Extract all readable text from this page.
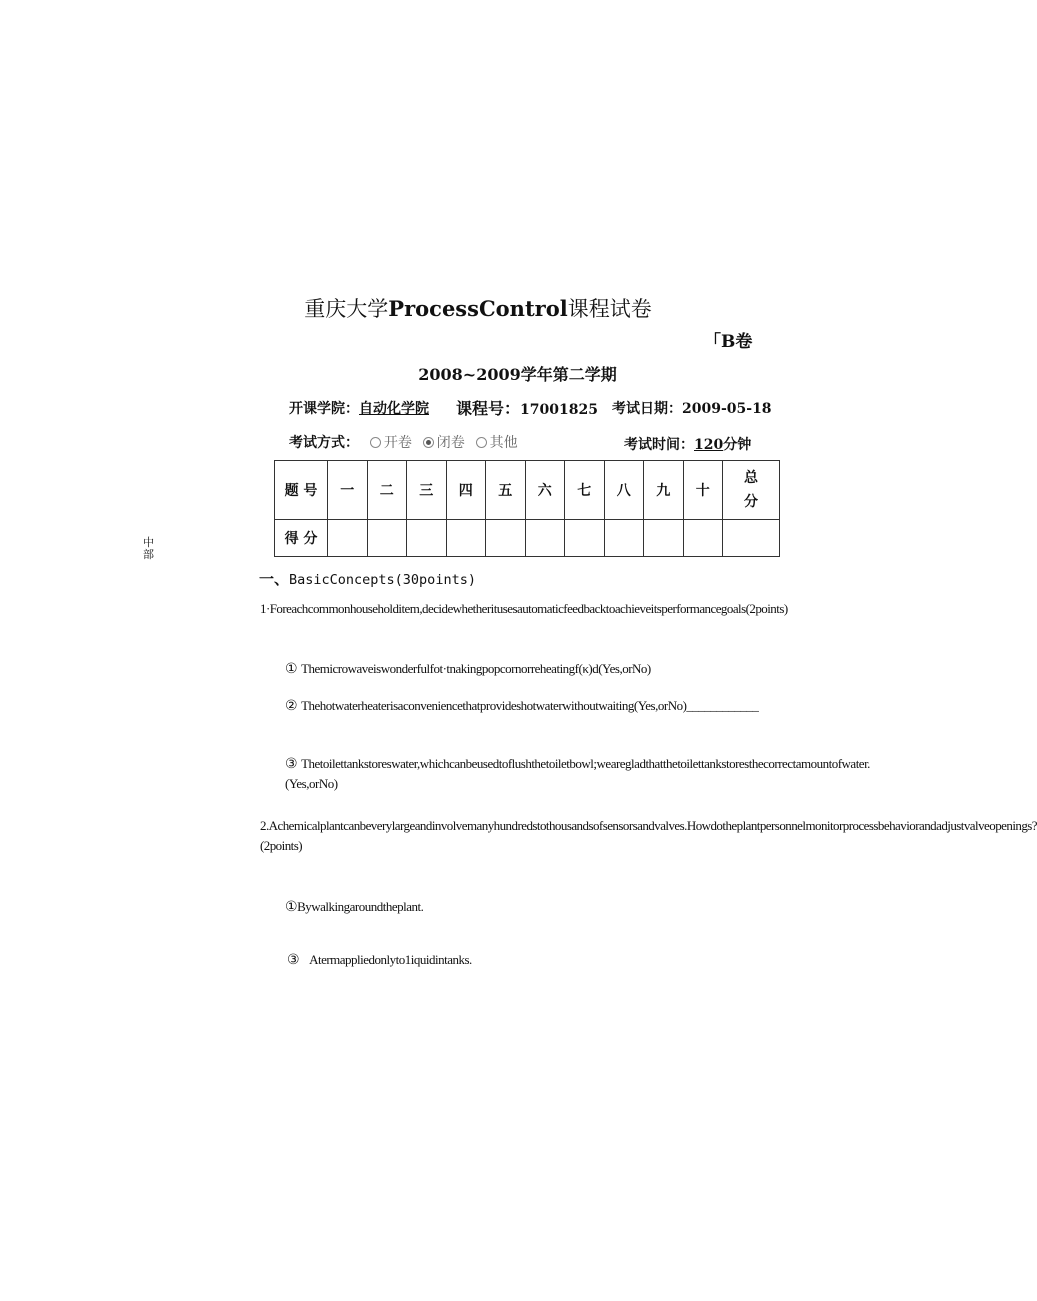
重庆大学ProcessControl课程试卷
「B卷
2008~2009学年第二学期
开课学院：自动化学院 课程号：17001825 考试日期：2009-05-18
考试方式： 开卷 闭卷 其他	考试时间：120分钟
题 号	一	二	三	四	五	六	七	八	九	十	总
分
得 分											
中部
一、BasicConcepts(30points)
1·Foreachcommonhouseholditem,decidewhetheritusesautomaticfeedbacktoachieveitsperformancegoals(2points)
① Themicrowaveiswonderfulfot·tnakingpopcornorreheatingf(κ)d(Yes,orNo)
② Thehotwaterheaterisaconveniencethatprovideshotwaterwithoutwaiting(Yes,orNo)____________
③ Thetoilettankstoreswater,whichcanbeusedtoflushthetoiletbowl;wearegladthatthetoilettankstoresthecorrectamountofwater.(Yes,orNo)
2.Achemicalplantcanbeverylargeandinvolvemanyhundredstothousandsofsensorsandvalves.Howdotheplantpersonnelmonitorprocessbehaviorandadjustvalveopenings?(2points)
①Bywalkingaroundtheplant.
③ Atermappliedonlyto1iquidintanks.
